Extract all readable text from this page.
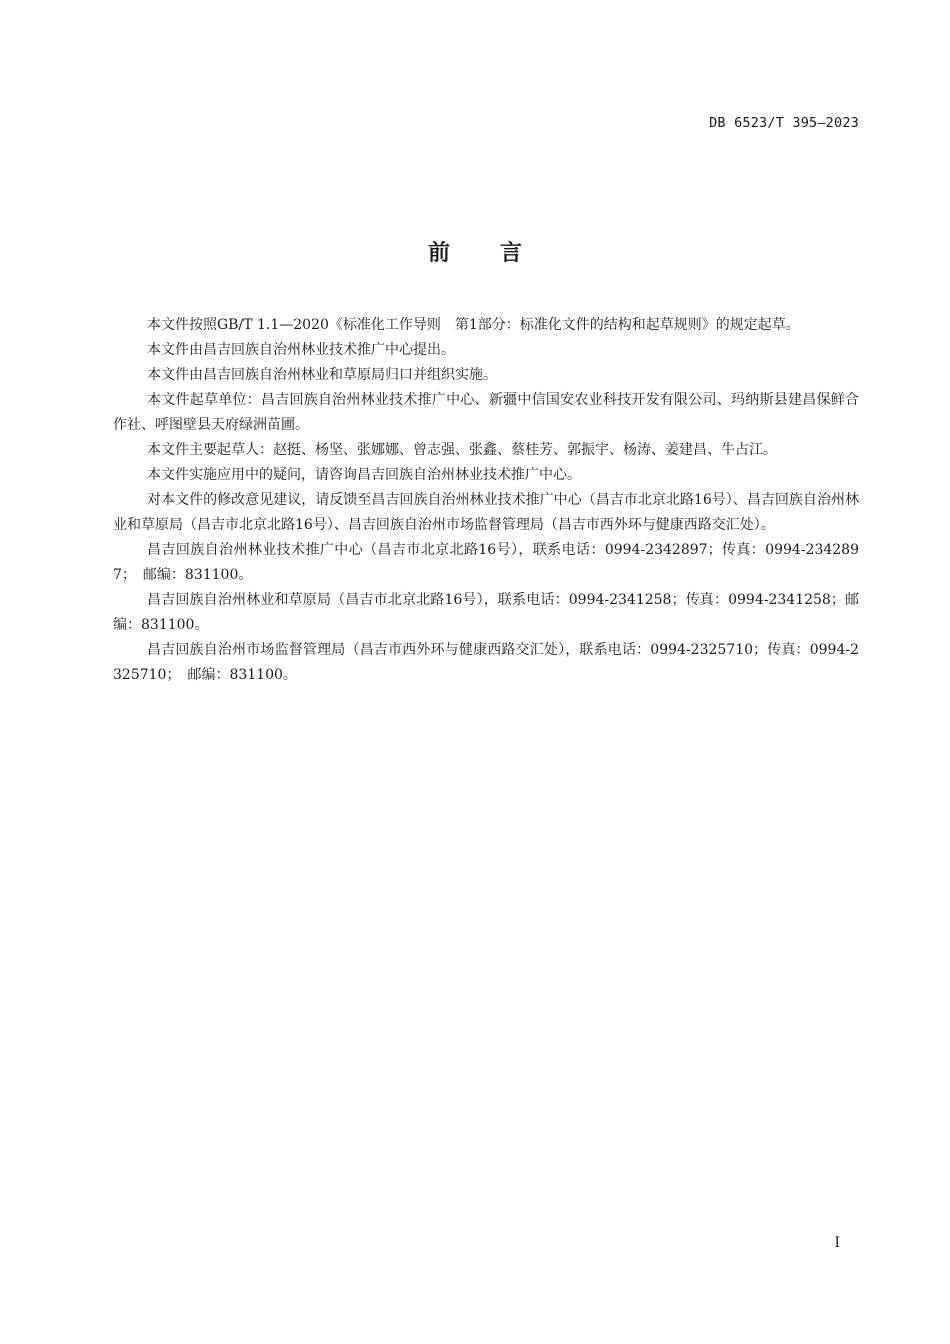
DB 6523/T 395—2023
前言

本文件按照GB/T 1.1—2020《标准化工作导则　第1部分：标准化文件的结构和起草规则》的规定起草。

本文件由昌吉回族自治州林业技术推广中心提出。

本文件由昌吉回族自治州林业和草原局归口并组织实施。

本文件起草单位：昌吉回族自治州林业技术推广中心、新疆中信国安农业科技开发有限公司、玛纳斯县建昌保鲜合作社、呼图壁县天府绿洲苗圃。

本文件主要起草人：赵挺、杨坚、张娜娜、曾志强、张鑫、蔡桂芳、郭振宇、杨涛、姜建昌、牛占江。

本文件实施应用中的疑问，请咨询昌吉回族自治州林业技术推广中心。

对本文件的修改意见建议，请反馈至昌吉回族自治州林业技术推广中心（昌吉市北京北路16号）、昌吉回族自治州林业和草原局（昌吉市北京北路16号）、昌吉回族自治州市场监督管理局（昌吉市西外环与健康西路交汇处）。

昌吉回族自治州林业技术推广中心（昌吉市北京北路16号），联系电话：0994-2342897；传真：0994-2342897；　邮编：831100。

昌吉回族自治州林业和草原局（昌吉市北京北路16号），联系电话：0994-2341258；传真：0994-2341258；邮编：831100。

昌吉回族自治州市场监督管理局（昌吉市西外环与健康西路交汇处），联系电话：0994-2325710；传真：0994-2325710；　邮编：831100。

I
